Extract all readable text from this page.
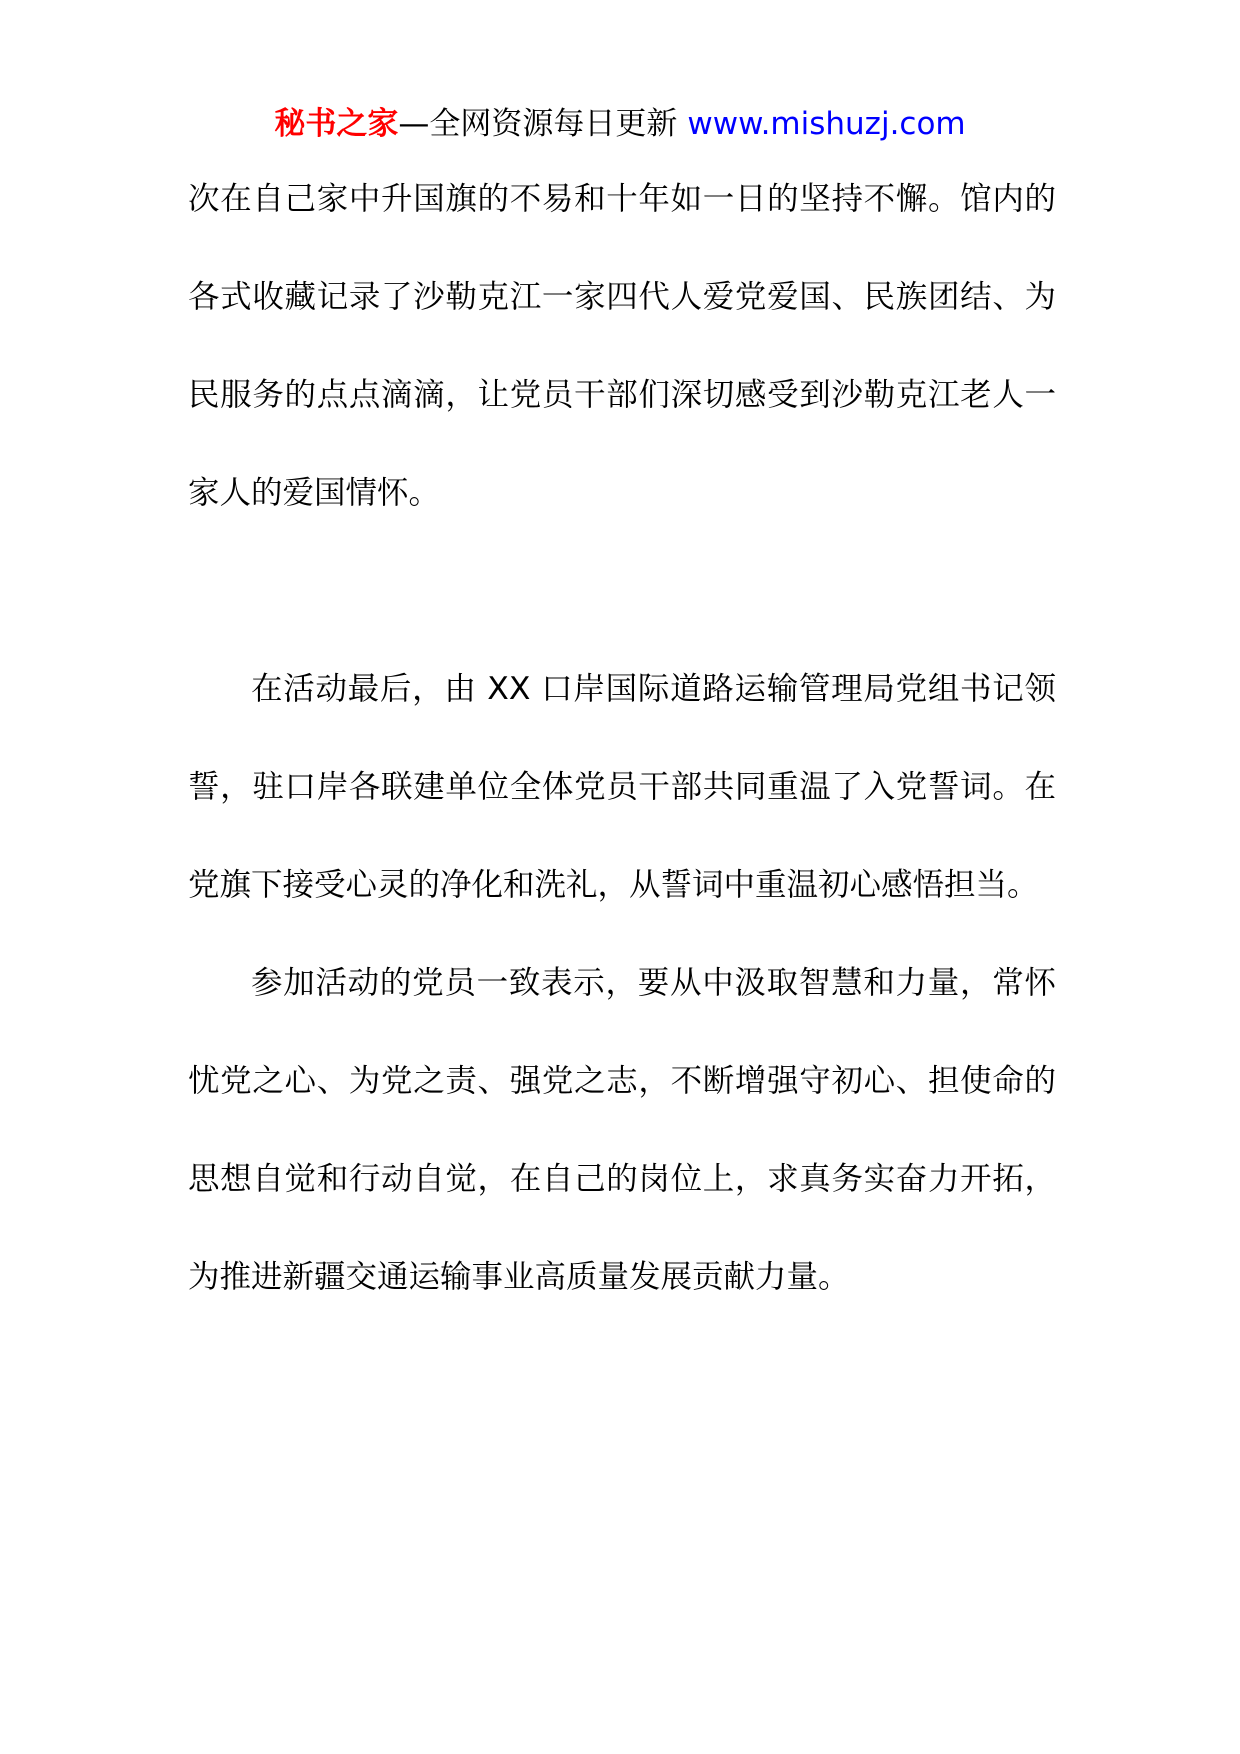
秘书之家—全网资源每日更新 www.mishuzj.com

次在自己家中升国旗的不易和十年如一日的坚持不懈。馆内的各式收藏记录了沙勒克江一家四代人爱党爱国、民族团结、为民服务的点点滴滴，让党员干部们深切感受到沙勒克江老人一家人的爱国情怀。

在活动最后，由 XX 口岸国际道路运输管理局党组书记领誓，驻口岸各联建单位全体党员干部共同重温了入党誓词。在党旗下接受心灵的净化和洗礼，从誓词中重温初心感悟担当。

参加活动的党员一致表示，要从中汲取智慧和力量，常怀忧党之心、为党之责、强党之志，不断增强守初心、担使命的思想自觉和行动自觉，在自己的岗位上，求真务实奋力开拓，为推进新疆交通运输事业高质量发展贡献力量。
